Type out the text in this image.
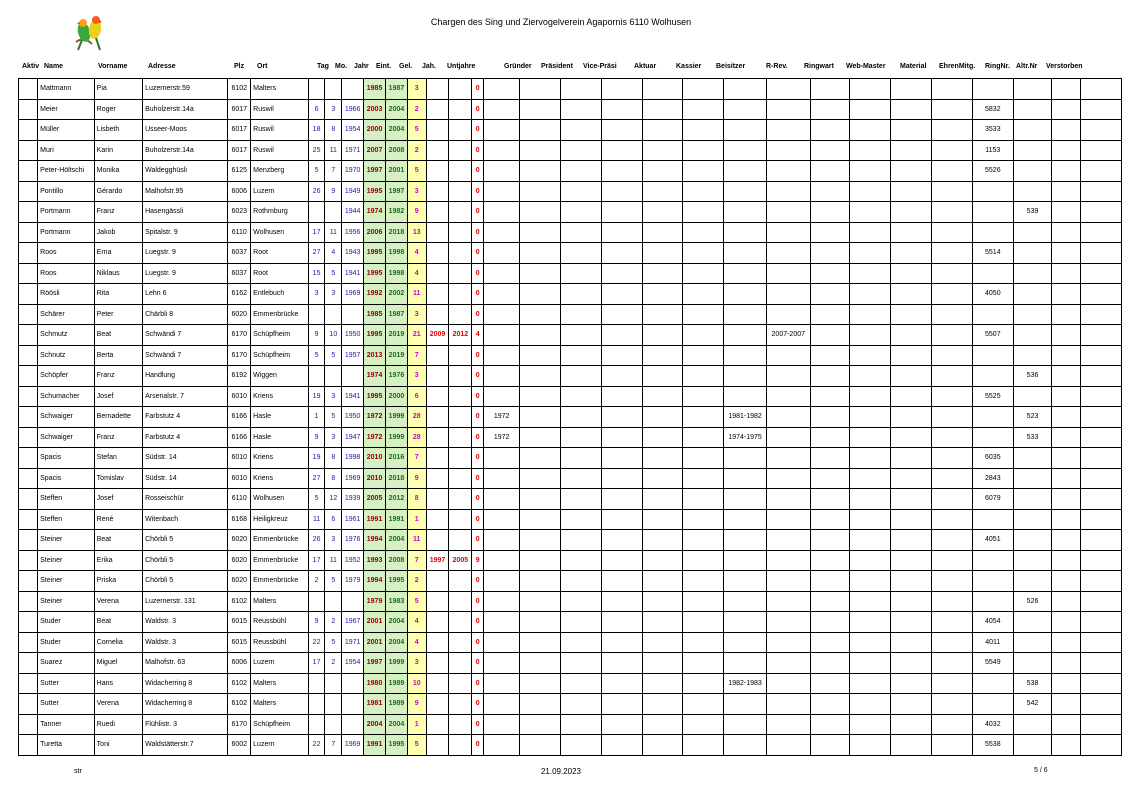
Chargen des Sing und Ziervogelverein Agapornis 6110 Wolhusen
Aktiv Name	Vorname	Adresse	Plz Ort	Tag Mo. Jahr Eint. Gel. Jah. Untjahre	Gründer Präsident Vice-Präsi Aktuar	Kassier Beisitzer	R-Rev. Ringwart Web-Master Material EhrenMitg. RingNr. Altr.Nr Verstorben
	Mattmann	Pia	Luzernerstr.59	6102	Malters				1985	1987	3			0																
	Meier	Roger	Buholzerstr.14a	6017	Ruswil	6	3	1966	2003	2004	2			0													5832			
	Müller	Lisbeth	Usseer-Moos	6017	Ruswil	18	8	1954	2000	2004	5			0													3533			
	Muri	Karin	Buholzerstr.14a	6017	Ruswil	25	11	1971	2007	2008	2			0													1153			
	Peter-Höltschi	Monika	Waldegghüsli	6125	Menzberg	5	7	1970	1997	2001	5			0													5526			
	Pontillo	Gérardo	Malhofstr.95	6006	Luzern	26	9	1949	1995	1997	3			0																
	Portmann	Franz	Hasengässli	6023	Rothmburg			1944	1974	1982	9			0														539		
	Portmann	Jakob	Spitalstr. 9	6110	Wolhusen	17	11	1956	2006	2018	13			0																
	Roos	Erna	Luegstr. 9	6037	Root	27	4	1943	1995	1998	4			0													5514			
	Roos	Niklaus	Luegstr. 9	6037	Root	15	5	1941	1995	1998	4			0																
	Röösli	Rita	Lehn 6	6162	Entlebuch	3	3	1969	1992	2002	11			0													4050			
	Schärer	Peter	Chärbli 8	6020	Emmenbrücke				1985	1987	3			0																
	Schmutz	Beat	Schwändi 7	6170	Schüpfheim	9	10	1950	1995	2019	21	2009	2012	4								2007-2007					5507			
	Schnutz	Berta	Schwändi 7	6170	Schüpfheim	5	5	1957	2013	2019	7			0																
	Schöpfer	Franz	Handlung	6192	Wiggen				1974	1976	3			0														536		
	Schumacher	Josef	Arsenalstr. 7	6010	Kriens	19	3	1941	1995	2000	6			0													5525			
	Schwaiger	Bernadette	Farbstutz 4	6166	Hasle	1	5	1950	1972	1999	28			0	1972						1981-1982							523		
	Schwaiger	Franz	Farbstutz 4	6166	Hasle	9	3	1947	1972	1999	28			0	1972						1974-1975							533		
	Spacis	Stefan	Südstr. 14	6010	Kriens	19	8	1998	2010	2016	7			0													6035			
	Spacis	Tomislav	Südstr. 14	6010	Kriens	27	8	1969	2010	2018	9			0													2843			
	Steffen	Josef	Rosseischür	6110	Wolhusen	5	12	1939	2005	2012	8			0													6079			
	Steffen	René	Witenbach	6168	Heiligkreuz	11	6	1961	1991	1991	1			0																
	Steiner	Beat	Chörbli 5	6020	Emmenbrücke	26	3	1976	1994	2004	11			0													4051			
	Steiner	Erika	Chörbli 5	6020	Emmenbrücke	17	11	1952	1993	2008	7	1997	2005	9																
	Steiner	Priska	Chörbli 5	6020	Emmenbrücke	2	5	1979	1994	1995	2			0																
	Steiner	Verena	Luzernerstr. 131	6102	Malters				1979	1983	5			0														526		
	Studer	Beat	Waldstr. 3	6015	Reussbühl	9	2	1967	2001	2004	4			0													4054			
	Studer	Cornelia	Waldstr. 3	6015	Reussbühl	22	5	1971	2001	2004	4			0													4011			
	Suarez	Miguel	Malhofstr. 63	6006	Luzern	17	2	1954	1997	1999	3			0													5549			
	Sutter	Hans	Widacherring 8	6102	Malters				1980	1989	10			0							1982-1983							538		
	Sutter	Verena	Widacherring 8	6102	Malters				1981	1989	9			0														542		
	Tanner	Ruedi	Flühlistr. 3	6170	Schüpfheim				2004	2004	1			0													4032			
	Turetta	Toni	Waldstätterstr.7	6002	Luzern	22	7	1969	1991	1995	5			0													5538			
str	21.09.2023	5 / 6
